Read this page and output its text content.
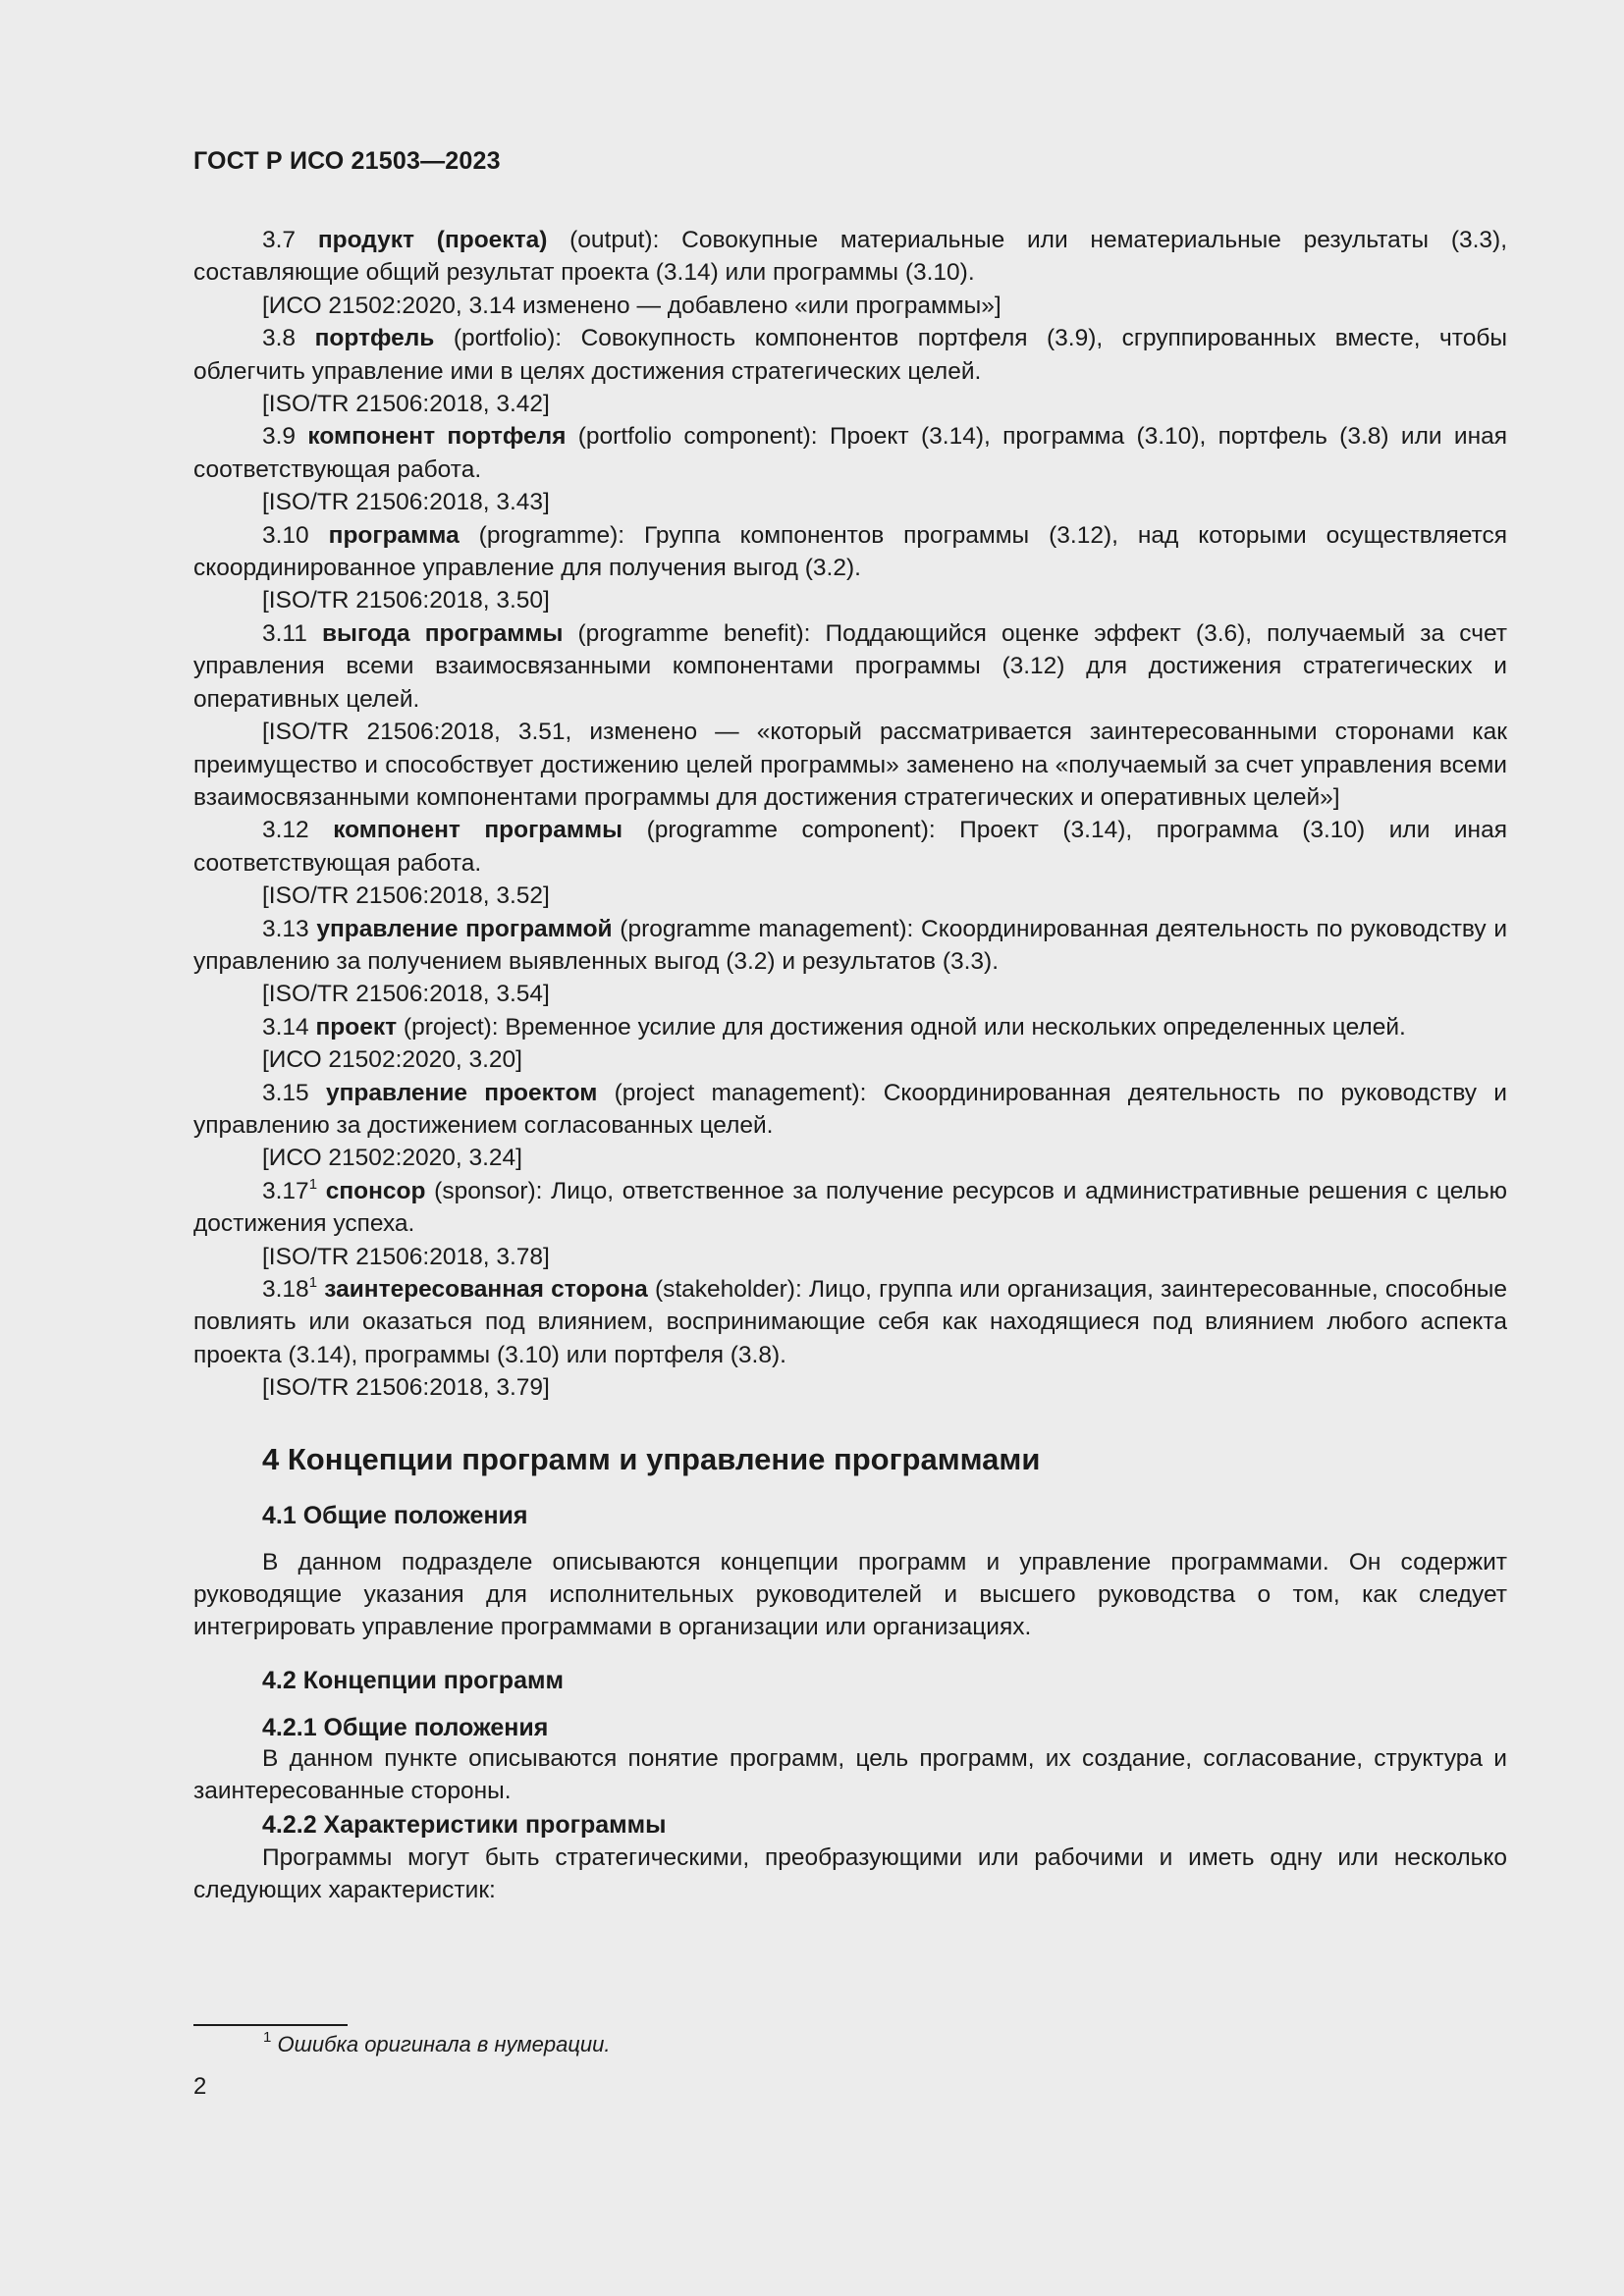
ГОСТ Р ИСО 21503—2023

3.7 продукт (проекта) (output): Совокупные материальные или нематериальные результаты (3.3), составляющие общий результат проекта (3.14) или программы (3.10).

[ИСО 21502:2020, 3.14 изменено — добавлено «или программы»]

3.8 портфель (portfolio): Совокупность компонентов портфеля (3.9), сгруппированных вместе, чтобы облегчить управление ими в целях достижения стратегических целей.

[ISO/TR 21506:2018, 3.42]

3.9 компонент портфеля (portfolio component): Проект (3.14), программа (3.10), портфель (3.8) или иная соответствующая работа.

[ISO/TR 21506:2018, 3.43]

3.10 программа (programme): Группа компонентов программы (3.12), над которыми осуществляется скоординированное управление для получения выгод (3.2).

[ISO/TR 21506:2018, 3.50]

3.11 выгода программы (programme benefit): Поддающийся оценке эффект (3.6), получаемый за счет управления всеми взаимосвязанными компонентами программы (3.12) для достижения стратегических и оперативных целей.

[ISO/TR 21506:2018, 3.51, изменено — «который рассматривается заинтересованными сторонами как преимущество и способствует достижению целей программы» заменено на «получаемый за счет управления всеми взаимосвязанными компонентами программы для достижения стратегических и оперативных целей»]

3.12 компонент программы (programme component): Проект (3.14), программа (3.10) или иная соответствующая работа.

[ISO/TR 21506:2018, 3.52]

3.13 управление программой (programme management): Скоординированная деятельность по руководству и управлению за получением выявленных выгод (3.2) и результатов (3.3).

[ISO/TR 21506:2018, 3.54]

3.14 проект (project): Временное усилие для достижения одной или нескольких определенных целей.

[ИСО 21502:2020, 3.20]

3.15 управление проектом (project management): Скоординированная деятельность по руководству и управлению за достижением согласованных целей.

[ИСО 21502:2020, 3.24]

3.17$^1$ спонсор (sponsor): Лицо, ответственное за получение ресурсов и административные решения с целью достижения успеха.

[ISO/TR 21506:2018, 3.78]

3.18$^1$ заинтересованная сторона (stakeholder): Лицо, группа или организация, заинтересованные, способные повлиять или оказаться под влиянием, воспринимающие себя как находящиеся под влиянием любого аспекта проекта (3.14), программы (3.10) или портфеля (3.8).

[ISO/TR 21506:2018, 3.79]

4 Концепции программ и управление программами
4.1 Общие положения

В данном подразделе описываются концепции программ и управление программами. Он содержит руководящие указания для исполнительных руководителей и высшего руководства о том, как следует интегрировать управление программами в организации или организациях.

4.2 Концепции программ
4.2.1 Общие положения

В данном пункте описываются понятие программ, цель программ, их создание, согласование, структура и заинтересованные стороны.

4.2.2 Характеристики программы

Программы могут быть стратегическими, преобразующими или рабочими и иметь одну или несколько следующих характеристик:

$^1$ Ошибка оригинала в нумерации.
2
